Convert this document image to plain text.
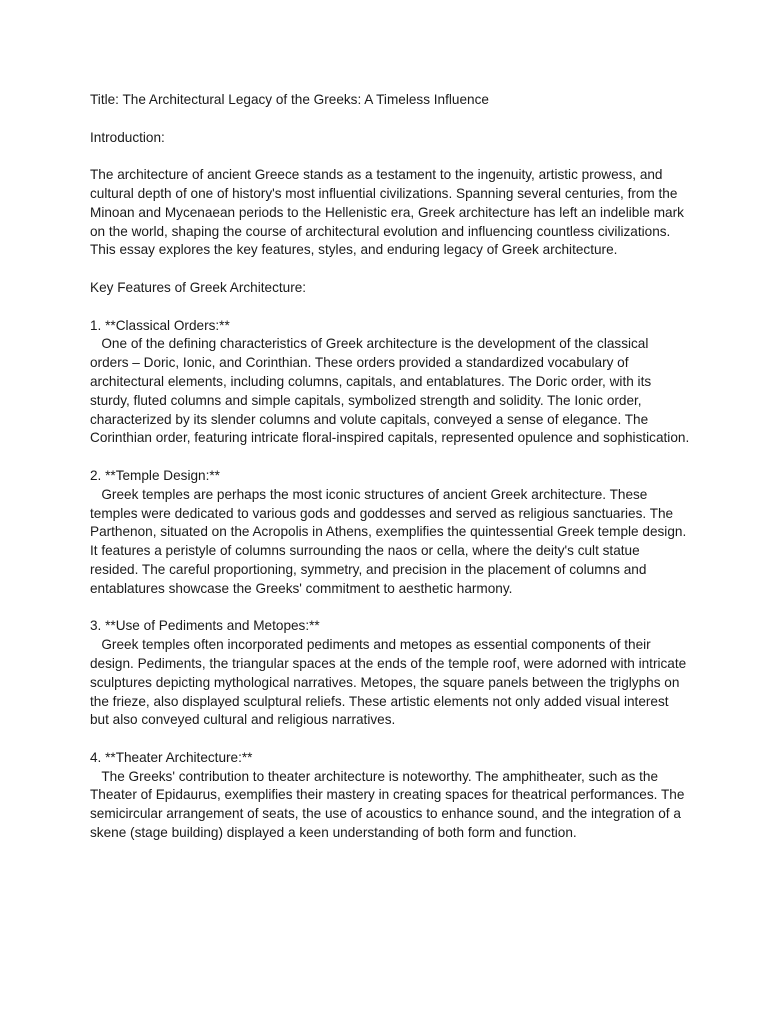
Title: The Architectural Legacy of the Greeks: A Timeless Influence

Introduction:

The architecture of ancient Greece stands as a testament to the ingenuity, artistic prowess, and cultural depth of one of history's most influential civilizations. Spanning several centuries, from the Minoan and Mycenaean periods to the Hellenistic era, Greek architecture has left an indelible mark on the world, shaping the course of architectural evolution and influencing countless civilizations. This essay explores the key features, styles, and enduring legacy of Greek architecture.

Key Features of Greek Architecture:

1. **Classical Orders:**

One of the defining characteristics of Greek architecture is the development of the classical orders – Doric, Ionic, and Corinthian. These orders provided a standardized vocabulary of architectural elements, including columns, capitals, and entablatures. The Doric order, with its sturdy, fluted columns and simple capitals, symbolized strength and solidity. The Ionic order, characterized by its slender columns and volute capitals, conveyed a sense of elegance. The Corinthian order, featuring intricate floral-inspired capitals, represented opulence and sophistication.

2. **Temple Design:**

Greek temples are perhaps the most iconic structures of ancient Greek architecture. These temples were dedicated to various gods and goddesses and served as religious sanctuaries. The Parthenon, situated on the Acropolis in Athens, exemplifies the quintessential Greek temple design. It features a peristyle of columns surrounding the naos or cella, where the deity's cult statue resided. The careful proportioning, symmetry, and precision in the placement of columns and entablatures showcase the Greeks' commitment to aesthetic harmony.

3. **Use of Pediments and Metopes:**

Greek temples often incorporated pediments and metopes as essential components of their design. Pediments, the triangular spaces at the ends of the temple roof, were adorned with intricate sculptures depicting mythological narratives. Metopes, the square panels between the triglyphs on the frieze, also displayed sculptural reliefs. These artistic elements not only added visual interest but also conveyed cultural and religious narratives.

4. **Theater Architecture:**

The Greeks' contribution to theater architecture is noteworthy. The amphitheater, such as the Theater of Epidaurus, exemplifies their mastery in creating spaces for theatrical performances. The semicircular arrangement of seats, the use of acoustics to enhance sound, and the integration of a skene (stage building) displayed a keen understanding of both form and function.
